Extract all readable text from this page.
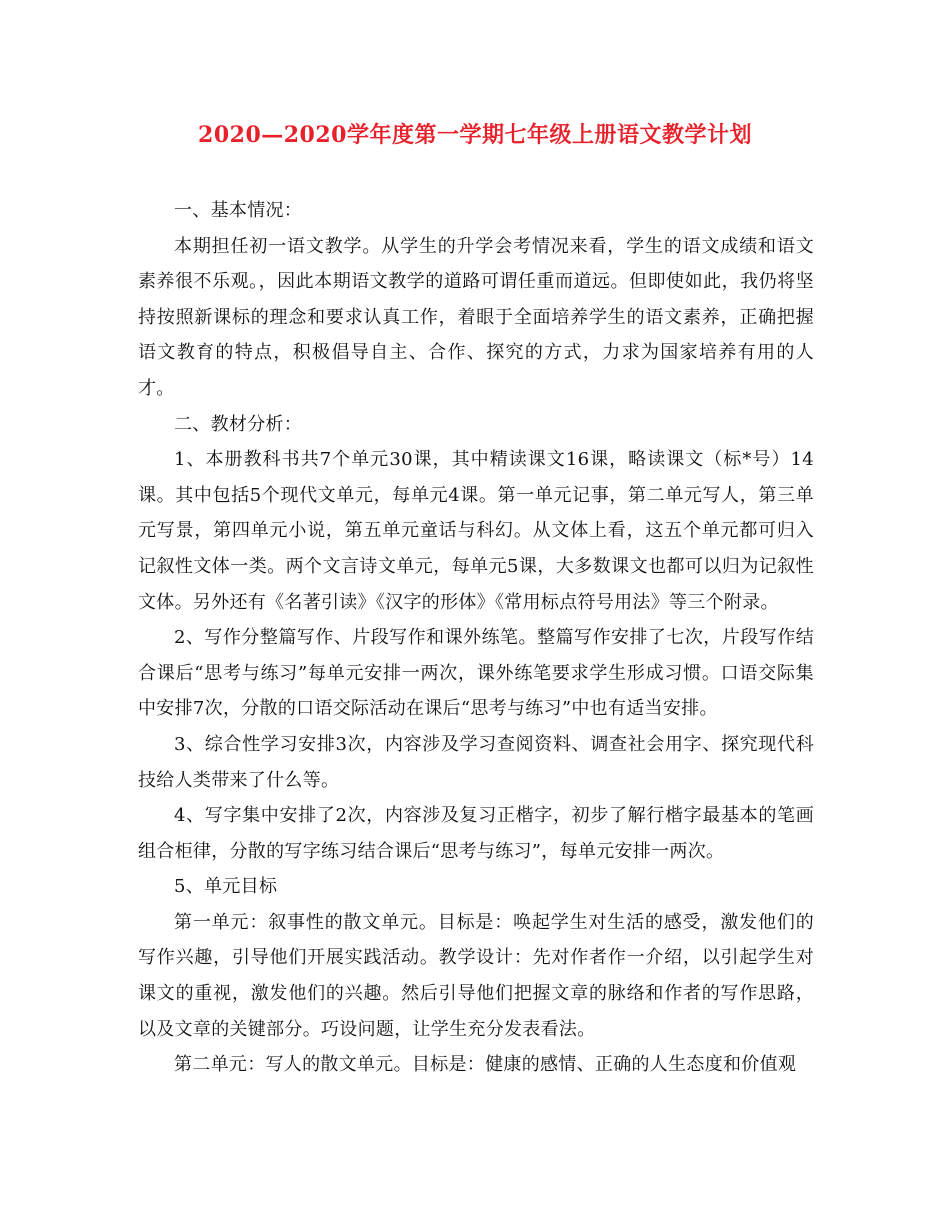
2020—2020学年度第一学期七年级上册语文教学计划

一、基本情况：

本期担任初一语文教学。从学生的升学会考情况来看，学生的语文成绩和语文素养很不乐观。，因此本期语文教学的道路可谓任重而道远。但即使如此，我仍将坚持按照新课标的理念和要求认真工作，着眼于全面培养学生的语文素养，正确把握语文教育的特点，积极倡导自主、合作、探究的方式，力求为国家培养有用的人才。

二、教材分析：

1、本册教科书共7个单元30课，其中精读课文16课，略读课文（标*号）14课。其中包括5个现代文单元，每单元4课。第一单元记事，第二单元写人，第三单元写景，第四单元小说，第五单元童话与科幻。从文体上看，这五个单元都可归入记叙性文体一类。两个文言诗文单元，每单元5课，大多数课文也都可以归为记叙性文体。另外还有《名著引读》《汉字的形体》《常用标点符号用法》等三个附录。

2、写作分整篇写作、片段写作和课外练笔。整篇写作安排了七次，片段写作结合课后“思考与练习”每单元安排一两次，课外练笔要求学生形成习惯。口语交际集中安排7次，分散的口语交际活动在课后“思考与练习”中也有适当安排。

3、综合性学习安排3次，内容涉及学习查阅资料、调查社会用字、探究现代科技给人类带来了什么等。

4、写字集中安排了2次，内容涉及复习正楷字，初步了解行楷字最基本的笔画组合柜律，分散的写字练习结合课后“思考与练习”，每单元安排一两次。

5、单元目标

第一单元：叙事性的散文单元。目标是：唤起学生对生活的感受，激发他们的写作兴趣，引导他们开展实践活动。教学设计：先对作者作一介绍，以引起学生对课文的重视，激发他们的兴趣。然后引导他们把握文章的脉络和作者的写作思路，以及文章的关键部分。巧设问题，让学生充分发表看法。

第二单元：写人的散文单元。目标是：健康的感情、正确的人生态度和价值观
